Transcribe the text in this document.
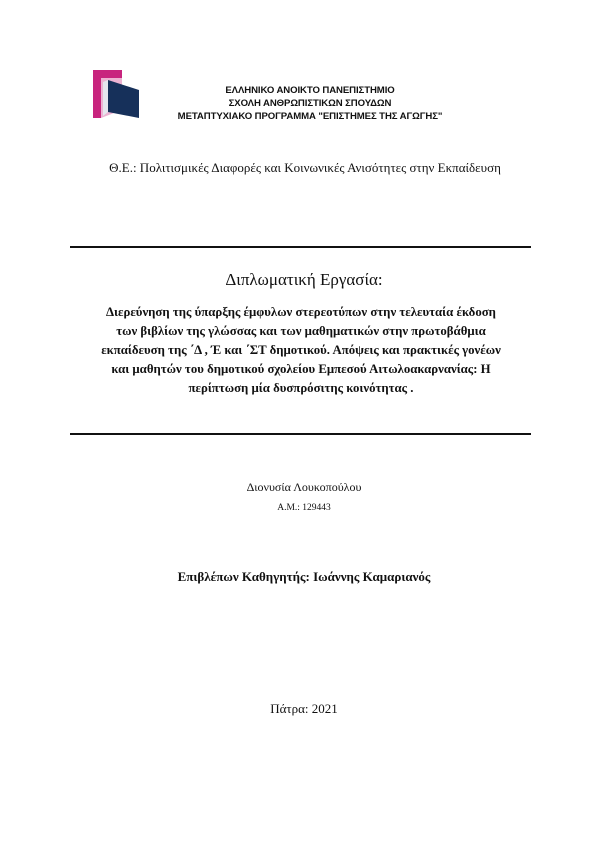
ΕΛΛΗΝΙΚΟ ΑΝΟΙΚΤΟ ΠΑΝΕΠΙΣΤΗΜΙΟ
ΣΧΟΛΗ ΑΝΘΡΩΠΙΣΤΙΚΩΝ ΣΠΟΥΔΩΝ
ΜΕΤΑΠΤΥΧΙΑΚΟ ΠΡΟΓΡΑΜΜΑ "ΕΠΙΣΤΗΜΕΣ ΤΗΣ ΑΓΩΓΗΣ"
Θ.Ε.: Πολιτισμικές Διαφορές και Κοινωνικές Ανισότητες στην Εκπαίδευση
Διπλωματική Εργασία:
Διερεύνηση της ύπαρξης έμφυλων στερεοτύπων στην τελευταία έκδοση
των βιβλίων της γλώσσας και των μαθηματικών στην πρωτοβάθμια
εκπαίδευση της ΄Δ , Έ και ΄ΣΤ δημοτικού. Απόψεις και πρακτικές γονέων
και μαθητών του δημοτικού σχολείου Εμπεσού Αιτωλοακαρνανίας: Η
περίπτωση μία δυσπρόσιτης κοινότητας .
Διονυσία Λουκοπούλου
Α.Μ.: 129443
Επιβλέπων Καθηγητής: Ιωάννης Καμαριανός
Πάτρα: 2021
